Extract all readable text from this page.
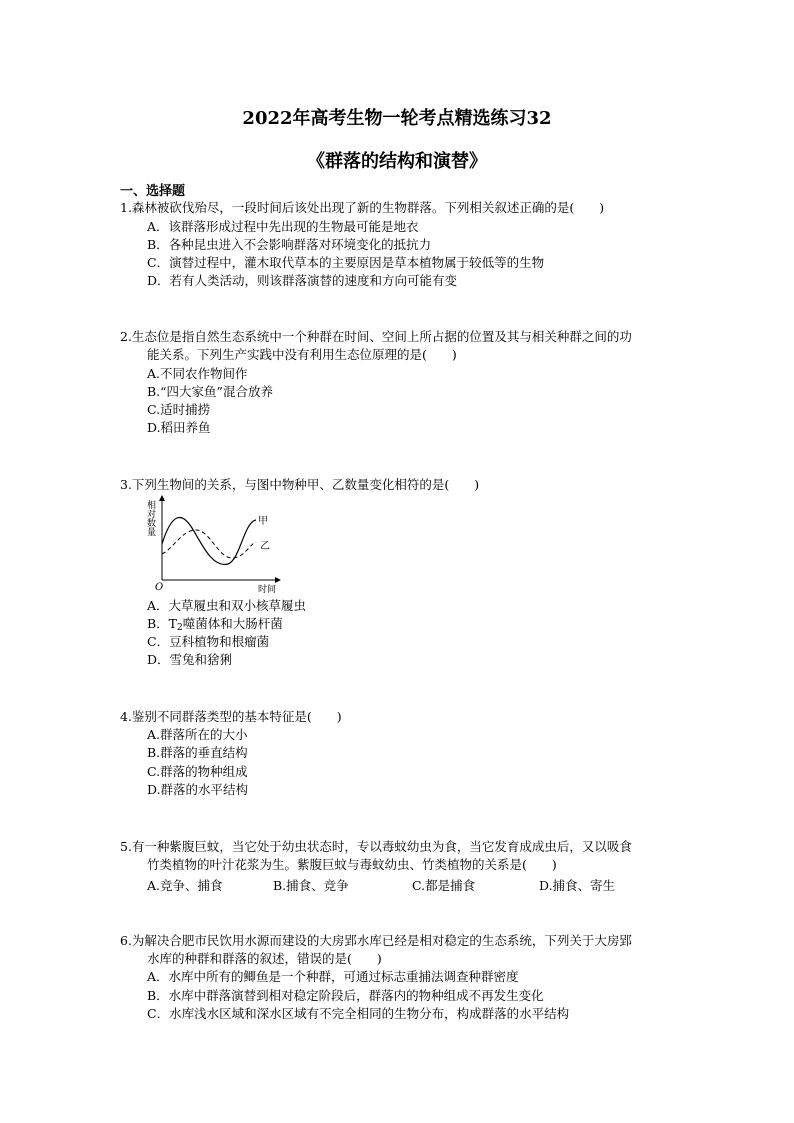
2022年高考生物一轮考点精选练习32
《群落的结构和演替》
一、选择题
1.森林被砍伐殆尽，一段时间后该处出现了新的生物群落。下列相关叙述正确的是(　　)
A．该群落形成过程中先出现的生物最可能是地衣
B．各种昆虫进入不会影响群落对环境变化的抵抗力
C．演替过程中，灌木取代草本的主要原因是草本植物属于较低等的生物
D．若有人类活动，则该群落演替的速度和方向可能有变
2.生态位是指自然生态系统中一个种群在时间、空间上所占据的位置及其与相关种群之间的功
能关系。下列生产实践中没有利用生态位原理的是(　　)
A.不同农作物间作
B.“四大家鱼”混合放养
C.适时捕捞
D.稻田养鱼
3.下列生物间的关系，与图中物种甲、乙数量变化相符的是(　　)
相对数量
时间
O
甲
乙
A．大草履虫和双小核草履虫
B．$T_2$噬菌体和大肠杆菌
C．豆科植物和根瘤菌
D．雪兔和猞猁
4.鉴别不同群落类型的基本特征是(　　)
A.群落所在的大小
B.群落的垂直结构
C.群落的物种组成
D.群落的水平结构
5.有一种紫腹巨蚊，当它处于幼虫状态时，专以毒蚊幼虫为食，当它发育成成虫后，又以吸食
竹类植物的叶汁花浆为生。紫腹巨蚊与毒蚊幼虫、竹类植物的关系是(　　)
A.竞争、捕食	B.捕食、竞争	C.都是捕食	D.捕食、寄生
6.为解决合肥市民饮用水源而建设的大房郢水库已经是相对稳定的生态系统，下列关于大房郢
水库的种群和群落的叙述，错误的是(　　)
A．水库中所有的鲫鱼是一个种群，可通过标志重捕法调查种群密度
B．水库中群落演替到相对稳定阶段后，群落内的物种组成不再发生变化
C．水库浅水区域和深水区域有不完全相同的生物分布，构成群落的水平结构
